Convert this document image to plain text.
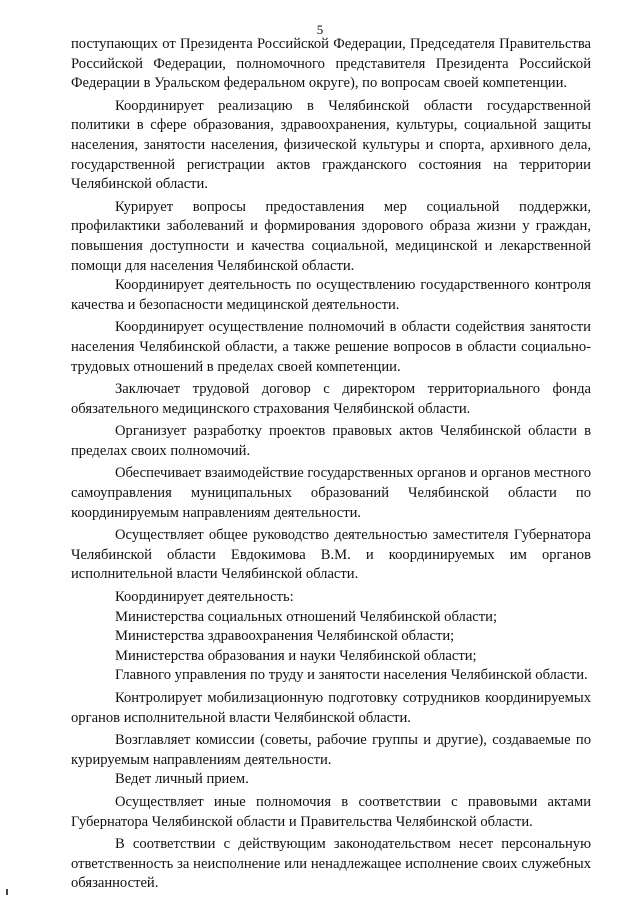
5

поступающих от Президента Российской Федерации, Председателя Правительства Российской Федерации, полномочного представителя Президента Российской Федерации в Уральском федеральном округе), по вопросам своей компетенции.

Координирует реализацию в Челябинской области государственной политики в сфере образования, здравоохранения, культуры, социальной защиты населения, занятости населения, физической культуры и спорта, архивного дела, государственной регистрации актов гражданского состояния на территории Челябинской области.

Курирует вопросы предоставления мер социальной поддержки, профилактики заболеваний и формирования здорового образа жизни у граждан, повышения доступности и качества социальной, медицинской и лекарственной помощи для населения Челябинской области.

Координирует деятельность по осуществлению государственного контроля качества и безопасности медицинской деятельности.

Координирует осуществление полномочий в области содействия занятости населения Челябинской области, а также решение вопросов в области социально-трудовых отношений в пределах своей компетенции.

Заключает трудовой договор с директором территориального фонда обязательного медицинского страхования Челябинской области.

Организует разработку проектов правовых актов Челябинской области в пределах своих полномочий.

Обеспечивает взаимодействие государственных органов и органов местного самоуправления муниципальных образований Челябинской области по координируемым направлениям деятельности.

Осуществляет общее руководство деятельностью заместителя Губернатора Челябинской области Евдокимова В.М. и координируемых им органов исполнительной власти Челябинской области.

Координирует деятельность:

Министерства социальных отношений Челябинской области;

Министерства здравоохранения Челябинской области;

Министерства образования и науки Челябинской области;

Главного управления по труду и занятости населения Челябинской области.

Контролирует мобилизационную подготовку сотрудников координируемых органов исполнительной власти Челябинской области.

Возглавляет комиссии (советы, рабочие группы и другие), создаваемые по курируемым направлениям деятельности.

Ведет личный прием.

Осуществляет иные полномочия в соответствии с правовыми актами Губернатора Челябинской области и Правительства Челябинской области.

В соответствии с действующим законодательством несет персональную ответственность за неисполнение или ненадлежащее исполнение своих служебных обязанностей.
